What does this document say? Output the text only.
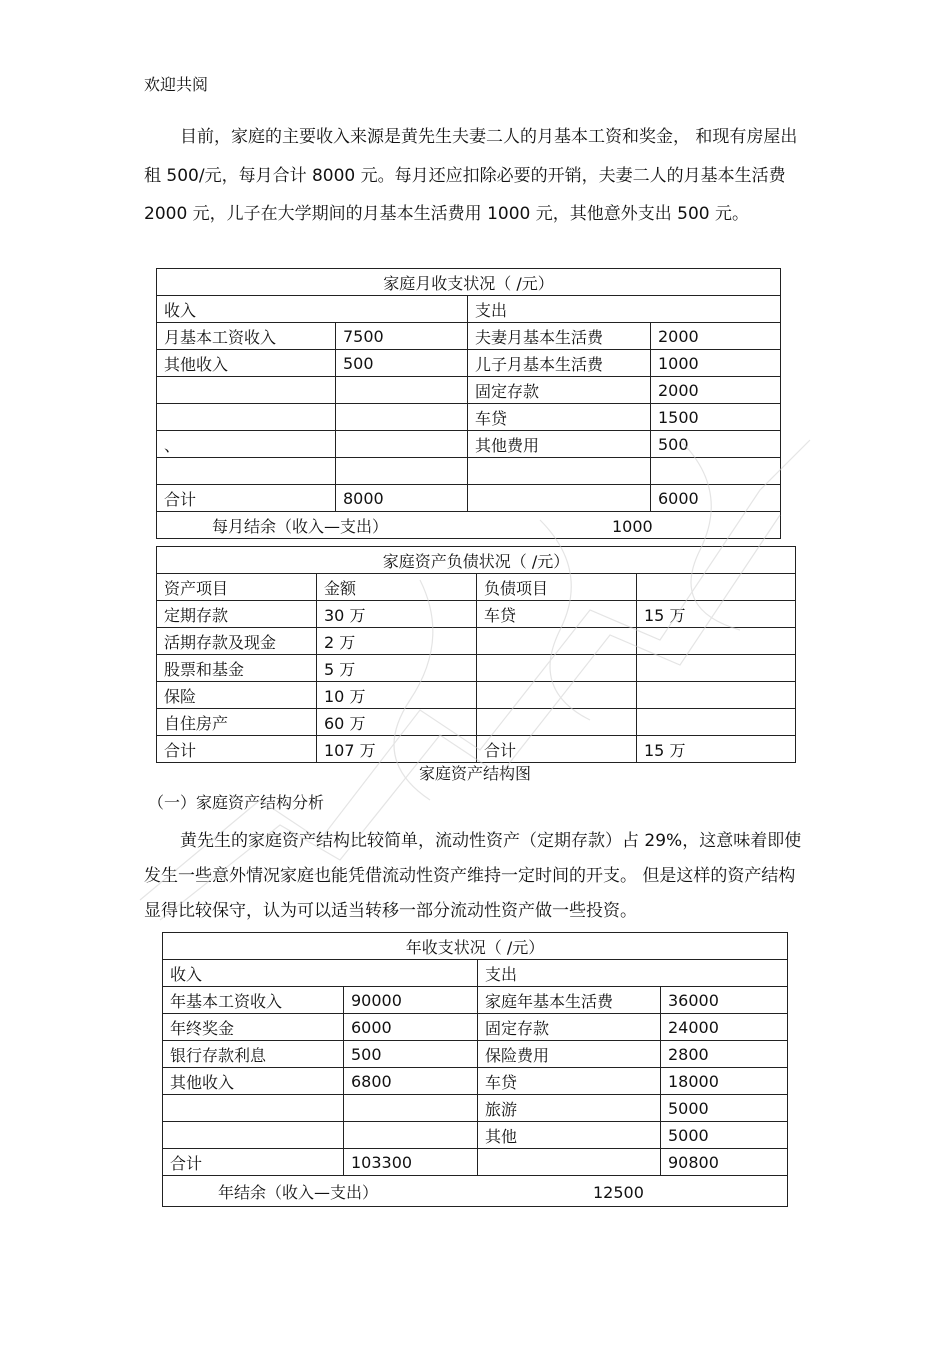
欢迎共阅
目前，家庭的主要收入来源是黄先生夫妻二人的月基本工资和奖金， 和现有房屋出租 500/元，每月合计 8000 元。每月还应扣除必要的开销，夫妻二人的月基本生活费 2000 元，儿子在大学期间的月基本生活费用 1000 元，其他意外支出 500 元。
家庭月收支状况（ /元）			
收入		支出	
月基本工资收入	7500	夫妻月基本生活费	2000
其他收入	500	儿子月基本生活费	1000
		固定存款	2000
		车贷	1500
、		其他费用	500

合计	8000		6000
每月结余（收入—支出） 1000			
家庭资产负债状况（ /元）			
资产项目	金额	负债项目	
定期存款	30 万	车贷	15 万
活期存款及现金	2 万		
股票和基金	5 万		
保险	10 万		
自住房产	60 万		
合计	107 万	合计	15 万
家庭资产结构图
（一）家庭资产结构分析
黄先生的家庭资产结构比较简单，流动性资产（定期存款）占 29%，这意味着即使发生一些意外情况家庭也能凭借流动性资产维持一定时间的开支。 但是这样的资产结构显得比较保守，认为可以适当转移一部分流动性资产做一些投资。
年收支状况（ /元）			
收入		支出	
年基本工资收入	90000	家庭年基本生活费	36000
年终奖金	6000	固定存款	24000
银行存款利息	500	保险费用	2800
其他收入	6800	车贷	18000
		旅游	5000
		其他	5000
合计	103300		90800
年结余（收入—支出） 12500			
